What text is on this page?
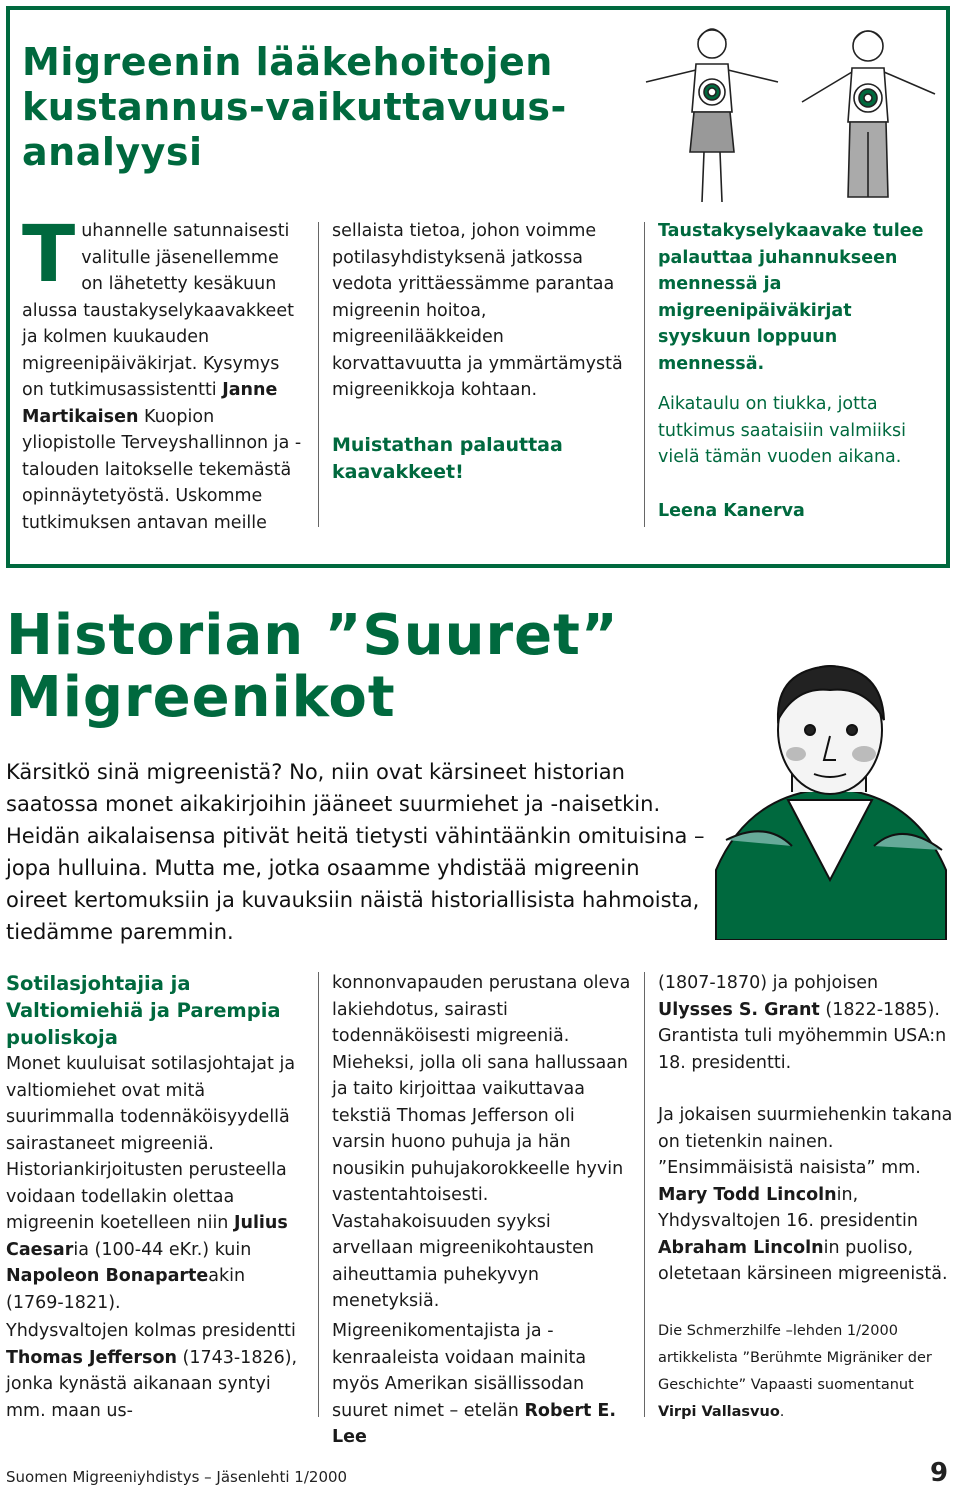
Migreenin lääkehoitojen kustannus-vaikuttavuus-analyysi
T uhannelle satunnaisesti valitulle jäsenellemme on lähetetty kesäkuun alussa taustakyselykaavakkeet ja kolmen kuukauden migreenipäiväkirjat. Kysymys on tutkimusassistentti Janne Martikaisen Kuopion yliopistolle Terveyshallinnon ja -talouden laitokselle tekemästä opinnäytetyöstä. Uskomme tutkimuksen antavan meille

sellaista tietoa, johon voimme potilasyhdistyksenä jatkossa vedota yrittäessämme parantaa migreenin hoitoa, migreenilääkkeiden korvattavuutta ja ymmärtämystä migreenikkoja kohtaan.

Muistathan palauttaa kaavakkeet!

Taustakyselykaavake tulee palauttaa juhannukseen mennessä ja migreenipäiväkirjat syyskuun loppuun mennessä.

Aikataulu on tiukka, jotta tutkimus saataisiin valmiiksi vielä tämän vuoden aikana.

Leena Kanerva

Historian ”Suuret”
Migreenikot
Kärsitkö sinä migreenistä? No, niin ovat kärsineet historian saatossa monet aikakirjoihin jääneet suurmiehet ja -naisetkin. Heidän aikalaisensa pitivät heitä tietysti vähintäänkin omituisina – jopa hulluina. Mutta me, jotka osaamme yhdistää migreenin oireet kertomuksiin ja kuvauksiin näistä historiallisista hahmoista, tiedämme paremmin.

Sotilasjohtajia ja Valtiomiehiä ja Parempia puoliskoja

Monet kuuluisat sotilasjohtajat ja valtiomiehet ovat mitä suurimmalla todennäköisyydellä sairastaneet migreeniä. Historiankirjoitusten perusteella voidaan todellakin olettaa migreenin koetelleen niin Julius Caesaria (100-44 eKr.) kuin Napoleon Bonaparteakin (1769-1821).

Yhdysvaltojen kolmas presidentti Thomas Jefferson (1743-1826), jonka kynästä aikanaan syntyi mm. maan us-

konnonvapauden perustana oleva lakiehdotus, sairasti todennäköisesti migreeniä. Mieheksi, jolla oli sana hallussaan ja taito kirjoittaa vaikuttavaa tekstiä Thomas Jefferson oli varsin huono puhuja ja hän nousikin puhujakorokkeelle hyvin vastentahtoisesti. Vastahakoisuuden syyksi arvellaan migreenikohtausten aiheuttamia puhekyvyn menetyksiä.

Migreenikomentajista ja -kenraaleista voidaan mainita myös Amerikan sisällissodan suuret nimet – etelän Robert E. Lee

(1807-1870) ja pohjoisen Ulysses S. Grant (1822-1885). Grantista tuli myöhemmin USA:n 18. presidentti.

Ja jokaisen suurmiehenkin takana on tietenkin nainen. ”Ensimmäisistä naisista” mm. Mary Todd Lincolnin, Yhdysvaltojen 16. presidentin Abraham Lincolnin puoliso, oletetaan kärsineen migreenistä.

Die Schmerzhilfe –lehden 1/2000 artikkelista ”Berühmte Migräniker der Geschichte” Vapaasti suomentanut Virpi Vallasvuo.
Suomen Migreeniyhdistys – Jäsenlehti 1/2000	9
